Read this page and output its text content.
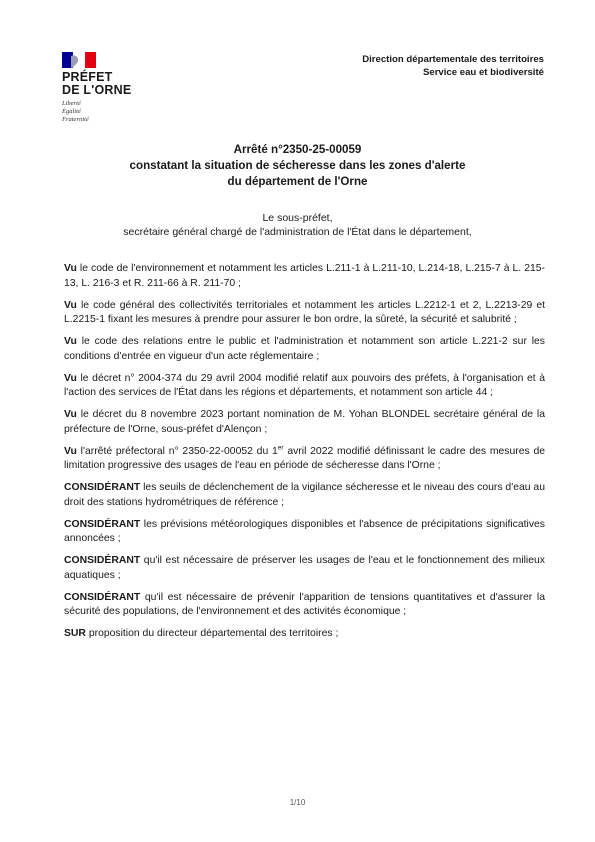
PRÉFET
DE L'ORNE
Liberté
Égalité
Fraternité
Direction départementale des territoires
Service eau et biodiversité
Arrêté n°2350-25-00059
constatant la situation de sécheresse dans les zones d'alerte
du département de l'Orne
Le sous-préfet,
secrétaire général chargé de l'administration de l'État dans le département,

Vu le code de l'environnement et notamment les articles L.211-1 à L.211-10, L.214-18, L.215-7 à L. 215-13, L. 216-3 et R. 211-66 à R. 211-70 ;

Vu le code général des collectivités territoriales et notamment les articles L.2212-1 et 2, L.2213-29 et L.2215-1 fixant les mesures à prendre pour assurer le bon ordre, la sûreté, la sécurité et salubrité ;

Vu le code des relations entre le public et l'administration et notamment son article L.221-2 sur les conditions d'entrée en vigueur d'un acte réglementaire ;

Vu le décret n° 2004-374 du 29 avril 2004 modifié relatif aux pouvoirs des préfets, à l'organisation et à l'action des services de l'État dans les régions et départements, et notamment son article 44 ;

Vu le décret du 8 novembre 2023 portant nomination de M. Yohan BLONDEL secrétaire général de la préfecture de l'Orne, sous-préfet d'Alençon ;

Vu l'arrêté préfectoral n° 2350-22-00052 du 1er avril 2022 modifié définissant le cadre des mesures de limitation progressive des usages de l'eau en période de sécheresse dans l'Orne ;

CONSIDÉRANT les seuils de déclenchement de la vigilance sécheresse et le niveau des cours d'eau au droit des stations hydrométriques de référence ;

CONSIDÉRANT les prévisions météorologiques disponibles et l'absence de précipitations significatives annoncées ;

CONSIDÉRANT qu'il est nécessaire de préserver les usages de l'eau et le fonctionnement des milieux aquatiques ;

CONSIDÉRANT qu'il est nécessaire de prévenir l'apparition de tensions quantitatives et d'assurer la sécurité des populations, de l'environnement et des activités économique ;

SUR proposition du directeur départemental des territoires ;

1/10
